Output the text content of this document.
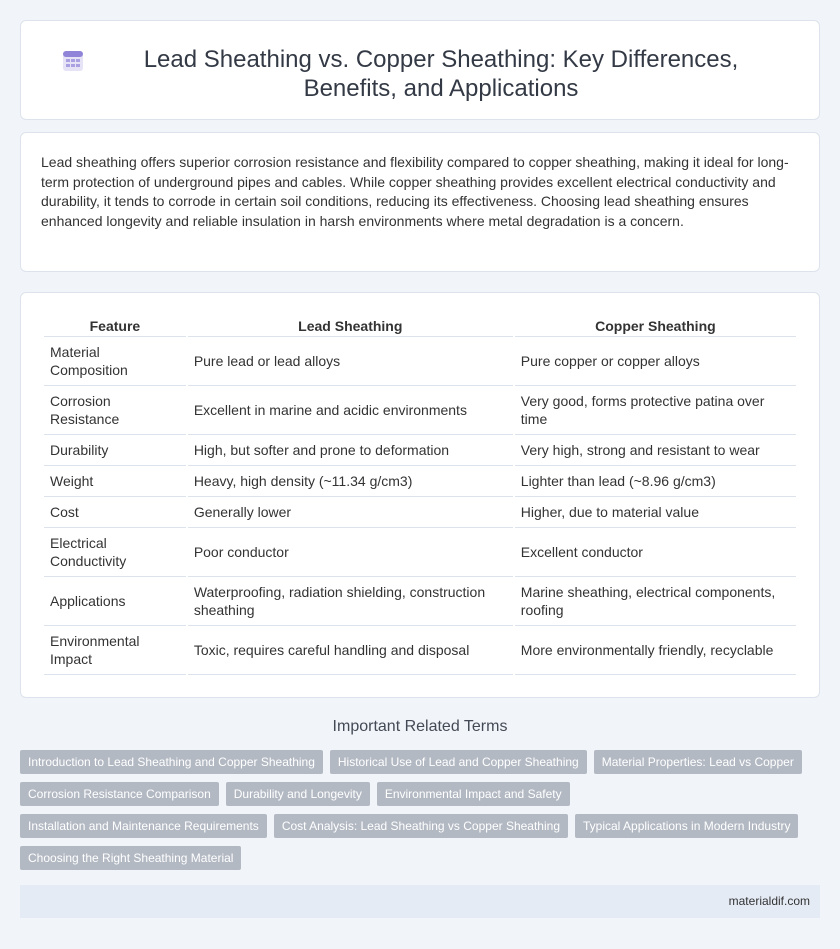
Lead Sheathing vs. Copper Sheathing: Key Differences, Benefits, and Applications

Lead sheathing offers superior corrosion resistance and flexibility compared to copper sheathing, making it ideal for long-term protection of underground pipes and cables. While copper sheathing provides excellent electrical conductivity and durability, it tends to corrode in certain soil conditions, reducing its effectiveness. Choosing lead sheathing ensures enhanced longevity and reliable insulation in harsh environments where metal degradation is a concern.

Feature	Lead Sheathing	Copper Sheathing
Material Composition	Pure lead or lead alloys	Pure copper or copper alloys
Corrosion Resistance	Excellent in marine and acidic environments	Very good, forms protective patina over time
Durability	High, but softer and prone to deformation	Very high, strong and resistant to wear
Weight	Heavy, high density (~11.34 g/cm3)	Lighter than lead (~8.96 g/cm3)
Cost	Generally lower	Higher, due to material value
Electrical Conductivity	Poor conductor	Excellent conductor
Applications	Waterproofing, radiation shielding, construction sheathing	Marine sheathing, electrical components, roofing
Environmental Impact	Toxic, requires careful handling and disposal	More environmentally friendly, recyclable
Important Related Terms
Introduction to Lead Sheathing and Copper Sheathing	Historical Use of Lead and Copper Sheathing	Material Properties: Lead vs Copper
Corrosion Resistance Comparison	Durability and Longevity	Environmental Impact and Safety
Installation and Maintenance Requirements	Cost Analysis: Lead Sheathing vs Copper Sheathing	Typical Applications in Modern Industry
Choosing the Right Sheathing Material
materialdif.com
